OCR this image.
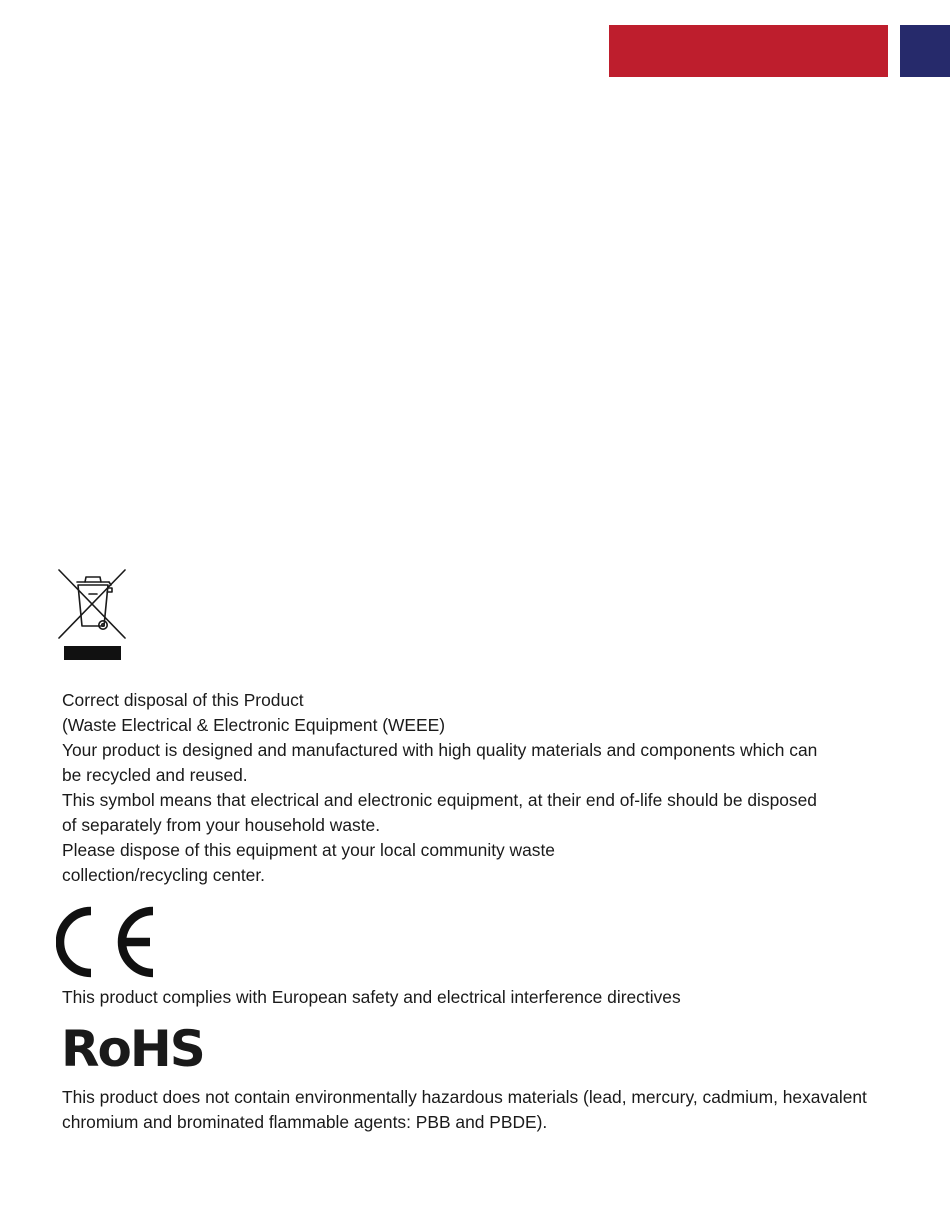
Correct disposal of this Product

(Waste Electrical & Electronic Equipment (WEEE)

Your product is designed and manufactured with high quality materials and components which can

be recycled and reused.

This symbol means that electrical and electronic equipment, at their end of-life should be disposed

of separately from your household waste.

Please dispose of this equipment at your local community waste

collection/recycling center.

This product complies with European safety and electrical interference directives

RoHS

This product does not contain environmentally hazardous materials (lead, mercury, cadmium, hexavalent

chromium and brominated flammable agents: PBB and PBDE).
